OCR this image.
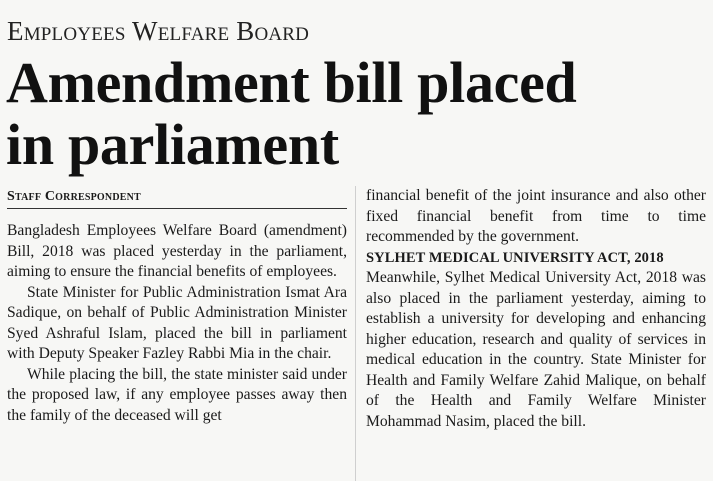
Employees Welfare Board
Amendment bill placed
in parliament
Staff Correspondent

Bangladesh Employees Welfare Board (amendment) Bill, 2018 was placed yesterday in the parliament, aiming to ensure the financial benefits of employees.

State Minister for Public Administration Ismat Ara Sadique, on behalf of Public Administration Minister Syed Ashraful Islam, placed the bill in parliament with Deputy Speaker Fazley Rabbi Mia in the chair.

While placing the bill, the state minister said under the proposed law, if any employee passes away then the family of the deceased will get

financial benefit of the joint insurance and also other fixed financial benefit from time to time recommended by the government.

SYLHET MEDICAL UNIVERSITY ACT, 2018

Meanwhile, Sylhet Medical University Act, 2018 was also placed in the parliament yesterday, aiming to establish a university for developing and enhancing higher education, research and quality of services in medical education in the country. State Minister for Health and Family Welfare Zahid Malique, on behalf of the Health and Family Welfare Minister Mohammad Nasim, placed the bill.
